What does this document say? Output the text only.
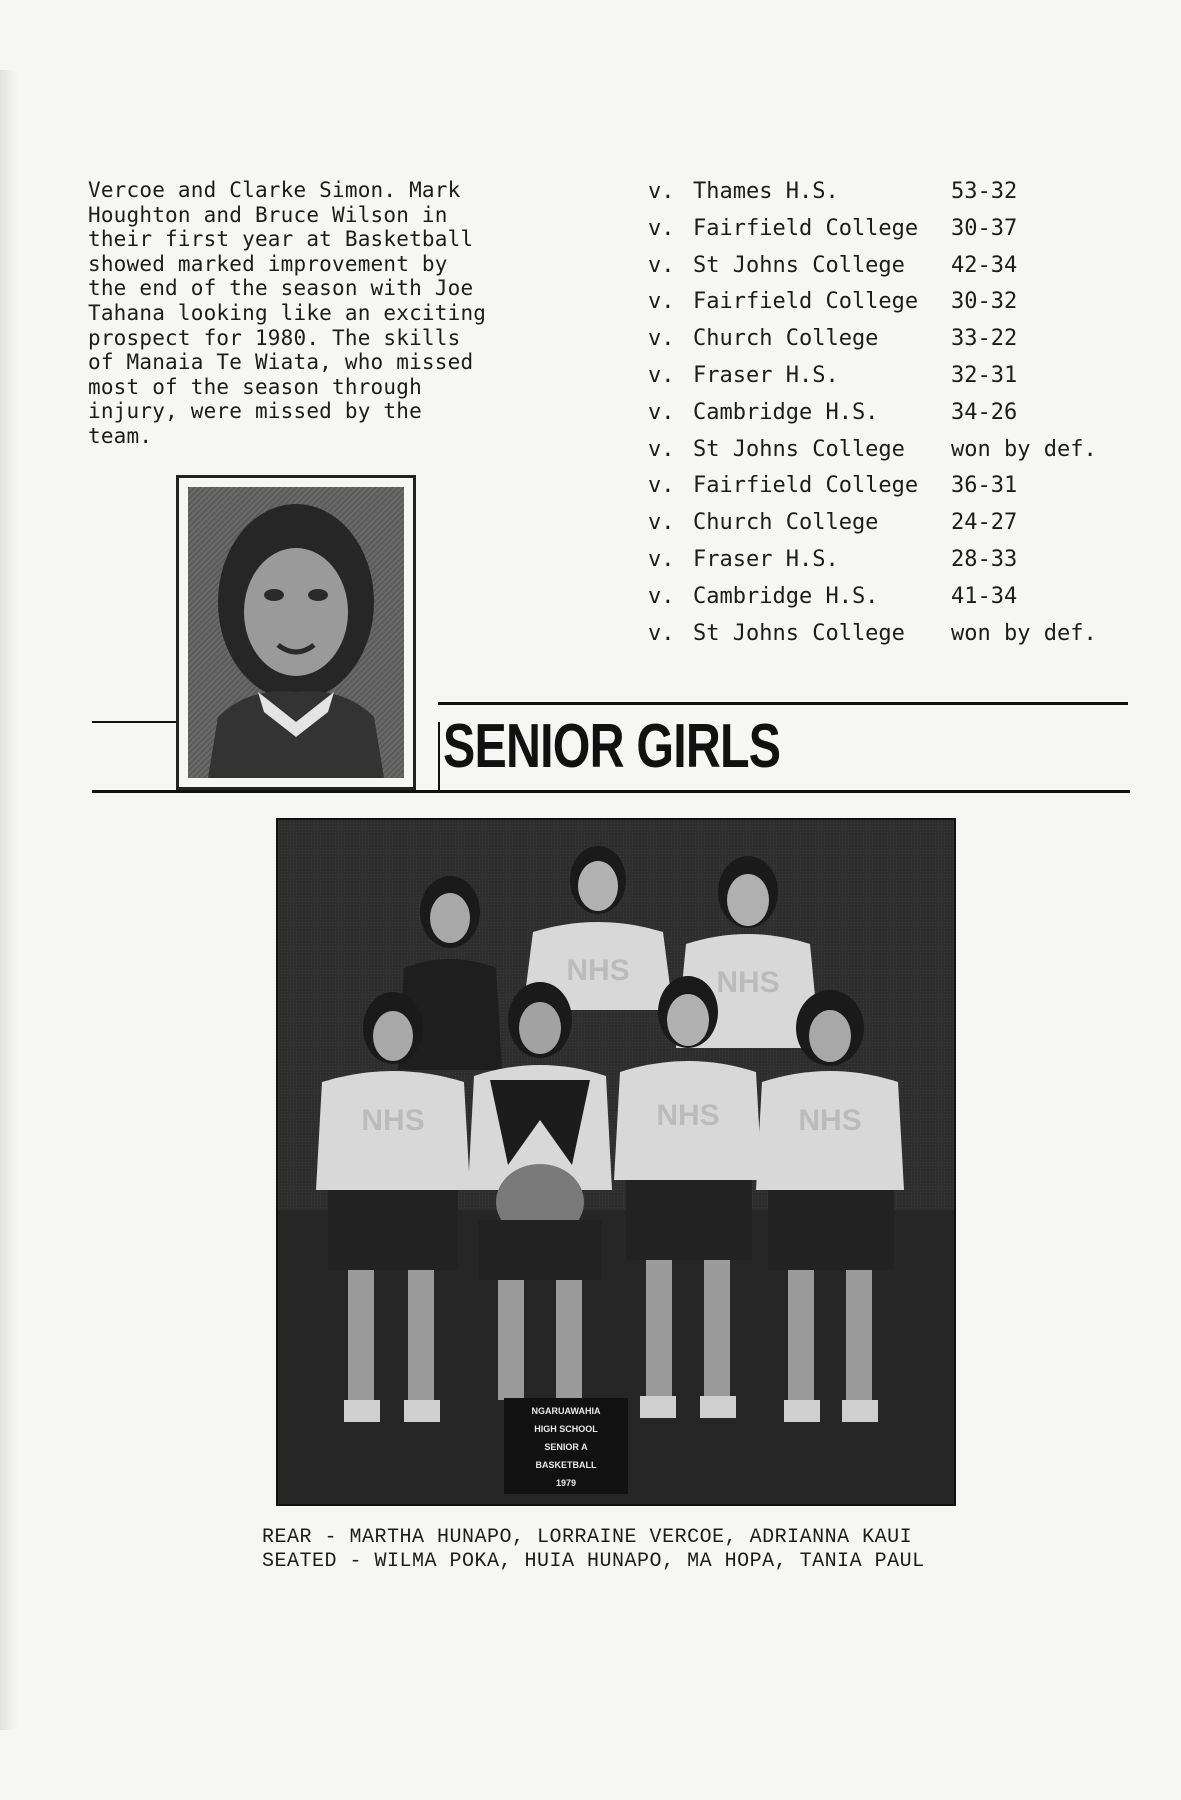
Vercoe and Clarke Simon. Mark
Houghton and Bruce Wilson in
their first year at Basketball
showed marked improvement by
the end of the season with Joe
Tahana looking like an exciting
prospect for 1980. The skills
of Manaia Te Wiata, who missed
most of the season through
injury, were missed by the
team.
v. Thames H.S.	53-32
v. Fairfield College	30-37
v. St Johns College	42-34
v. Fairfield College	30-32
v. Church College	33-22
v. Fraser H.S.	32-31
v. Cambridge H.S.	34-26
v. St Johns College	won by def.
v. Fairfield College	36-31
v. Church College	24-27
v. Fraser H.S.	28-33
v. Cambridge H.S.	41-34
v. St Johns College	won by def.
SENIOR GIRLS
NHS	NHS
NHS	NHS	NHS
NGARUAWAHIA
HIGH SCHOOL
SENIOR A
BASKETBALL
1979
REAR - MARTHA HUNAPO, LORRAINE VERCOE, ADRIANNA KAUI
SEATED - WILMA POKA, HUIA HUNAPO, MA HOPA, TANIA PAUL
